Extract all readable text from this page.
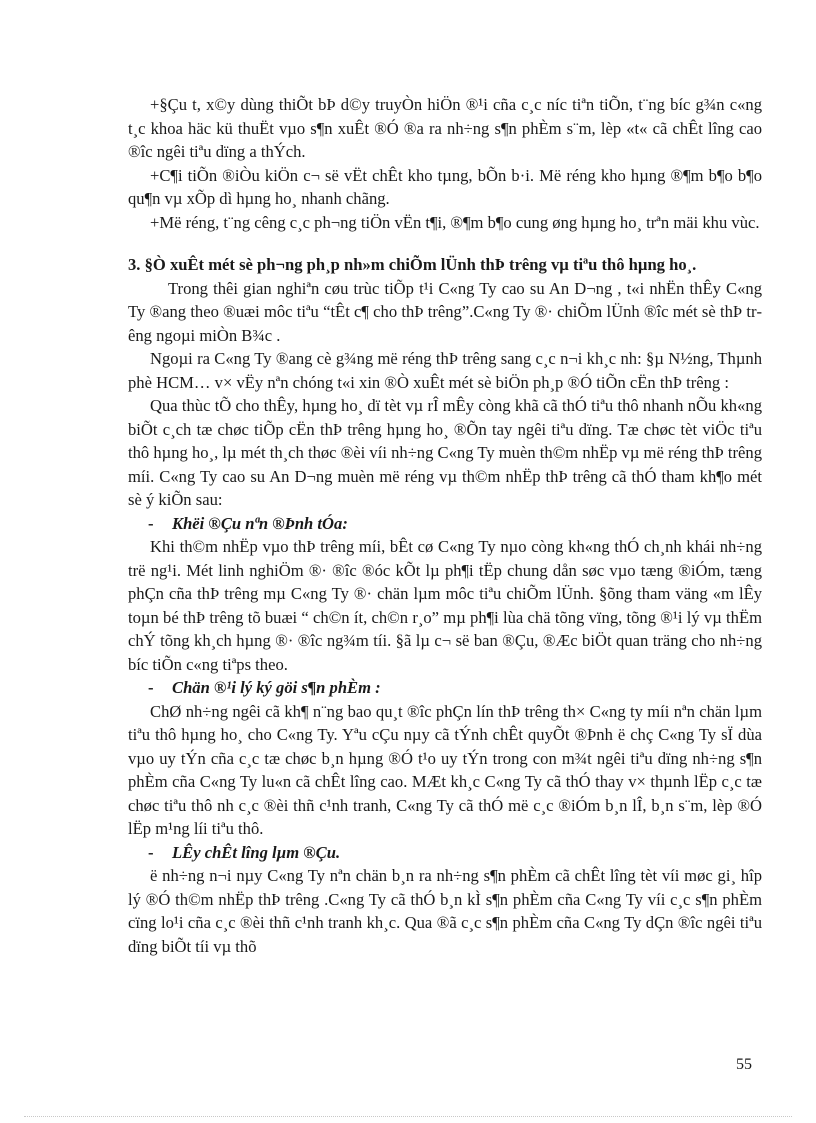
+§Çu t, x©y dùng thiÕt bÞ d©y truyÒn hiÖn ®¹i cña c¸c níc tiªn tiÕn, t¨ng bíc g¾n c«ng t¸c khoa häc kü thuËt vµo s¶n xuÊt ®Ó ®a ra nh÷ng s¶n phÈm s¨m, lèp «t« cã chÊt lîng cao ®îc ngêi tiªu dïng a thÝch.

+C¶i tiÕn ®iÒu kiÖn c¬ së vËt chÊt kho tµng, bÕn b·i. Më réng kho hµng ®¶m b¶o b¶o qu¶n vµ xÕp dì hµng ho¸ nhanh chãng.

+Më réng, t¨ng cêng c¸c ph¬ng tiÖn vËn t¶i, ®¶m b¶o cung øng hµng ho¸ trªn mäi khu vùc.

3. §Ò xuÊt mét sè ph¬ng ph¸p nh»m chiÕm lÜnh thÞ trêng vµ tiªu thô hµng ho¸.

Trong thêi gian nghiªn cøu trùc tiÕp t¹i C«ng Ty cao su An D¬ng , t«i nhËn thÊy C«ng Ty ®ang theo ®uæi môc tiªu “tÊt c¶ cho thÞ trêng”.C«ng Ty ®· chiÕm lÜnh ®îc mét sè thÞ trêng ngoµi miÒn B¾c .

Ngoµi ra C«ng Ty ®ang cè g¾ng më réng thÞ trêng sang c¸c n¬i kh¸c nh: §µ N½ng, Thµnh phè HCM… v× vËy nªn chóng t«i xin ®Ò xuÊt mét sè biÖn ph¸p ®Ó tiÕn cËn thÞ trêng :

Qua thùc tÕ cho thÊy, hµng ho¸ dï tèt vµ rÎ mÊy còng khã cã thÓ tiªu thô nhanh nÕu kh«ng biÕt c¸ch tæ chøc tiÕp cËn thÞ trêng hµng ho¸ ®Õn tay ngêi tiªu dïng. Tæ chøc tèt viÖc tiªu thô hµng ho¸, lµ mét th¸ch thøc ®èi víi nh÷ng C«ng Ty muèn th©m nhËp vµ më réng thÞ trêng míi. C«ng Ty cao su An D¬ng muèn më réng vµ th©m nhËp thÞ trêng cã thÓ tham kh¶o mét sè ý kiÕn sau:

- Khëi ®Çu nªn ®Þnh tÓa:

Khi th©m nhËp vµo thÞ trêng míi, bÊt cø C«ng Ty nµo còng kh«ng thÓ ch¸nh khái nh÷ng trë ng¹i. Mét linh nghiÖm ®· ®îc ®óc kÕt lµ ph¶i tËp chung dån søc vµo tæng ®iÓm, tæng phÇn cña thÞ trêng mµ C«ng Ty ®· chän lµm môc tiªu chiÕm lÜnh. §õng tham väng «m lÊy toµn bé thÞ trêng tõ buæi “ ch©n ít, ch©n r¸o” mµ ph¶i lùa chä tõng vïng, tõng ®¹i lý vµ thËm chÝ tõng kh¸ch hµng ®· ®îc ng¾m tíi. §ã lµ c¬ së ban ®Çu, ®Æc biÖt quan träng cho nh÷ng bíc tiÕn c«ng tiªps theo.

- Chän ®¹i lý ký göi s¶n phÈm :

ChØ nh÷ng ngêi cã kh¶ n¨ng bao qu¸t ®îc phÇn lín thÞ trêng th× C«ng ty míi nªn chän lµm tiªu thô hµng ho¸ cho C«ng Ty. Yªu cÇu nµy cã tÝnh chÊt quyÕt ®Þnh ë chç C«ng Ty sÏ dùa vµo uy tÝn cña c¸c tæ chøc b¸n hµng ®Ó t¹o uy tÝn trong con m¾t ngêi tiªu dïng nh÷ng s¶n phÈm cña C«ng Ty lu«n cã chÊt lîng cao. MÆt kh¸c C«ng Ty cã thÓ thay v× thµnh lËp c¸c tæ chøc tiªu thô nh c¸c ®èi thñ c¹nh tranh, C«ng Ty cã thÓ më c¸c ®iÓm b¸n lÎ, b¸n s¨m, lèp ®Ó lËp m¹ng líi tiªu thô.

- LÊy chÊt lîng lµm ®Çu.

ë nh÷ng n¬i nµy C«ng Ty nªn chän b¸n ra nh÷ng s¶n phÈm cã chÊt lîng tèt víi møc gi¸ hîp lý ®Ó th©m nhËp thÞ trêng .C«ng Ty cã thÓ b¸n kÌ s¶n phÈm cña C«ng Ty víi c¸c s¶n phÈm cïng lo¹i cña c¸c ®èi thñ c¹nh tranh kh¸c. Qua ®ã c¸c s¶n phÈm cña C«ng Ty dÇn ®îc ngêi tiªu dïng biÕt tíi vµ thõ

55
